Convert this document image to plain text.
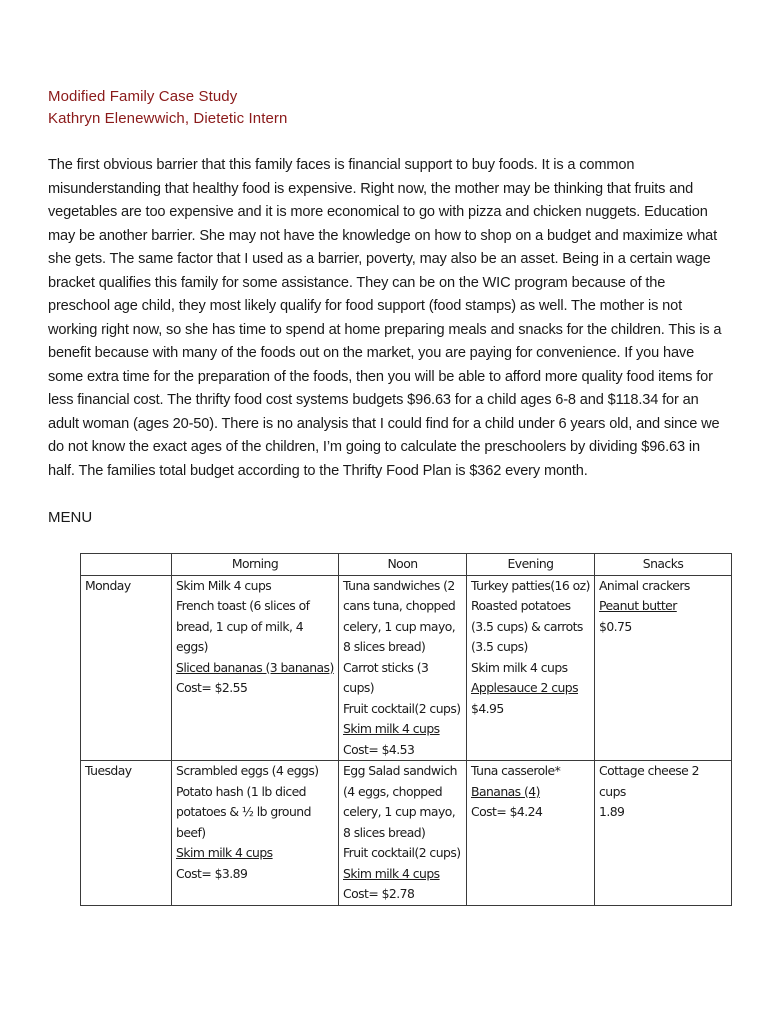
Modified Family Case Study
Kathryn Elenewwich, Dietetic Intern

The first obvious barrier that this family faces is financial support to buy foods. It is a common misunderstanding that healthy food is expensive. Right now, the mother may be thinking that fruits and vegetables are too expensive and it is more economical to go with pizza and chicken nuggets. Education may be another barrier. She may not have the knowledge on how to shop on a budget and maximize what she gets. The same factor that I used as a barrier, poverty, may also be an asset. Being in a certain wage bracket qualifies this family for some assistance. They can be on the WIC program because of the preschool age child, they most likely qualify for food support (food stamps) as well. The mother is not working right now, so she has time to spend at home preparing meals and snacks for the children. This is a benefit because with many of the foods out on the market, you are paying for convenience. If you have some extra time for the preparation of the foods, then you will be able to afford more quality food items for less financial cost. The thrifty food cost systems budgets $96.63 for a child ages 6-8 and $118.34 for an adult woman (ages 20-50). There is no analysis that I could find for a child under 6 years old, and since we do not know the exact ages of the children, I’m going to calculate the preschoolers by dividing $96.63 in half. The families total budget according to the Thrifty Food Plan is $362 every month.

MENU
	Morning	Noon	Evening	Snacks
Monday	Skim Milk 4 cups
French toast (6 slices of bread, 1 cup of milk, 4 eggs)
Sliced bananas (3 bananas)
Cost= $2.55	Tuna sandwiches (2 cans tuna, chopped celery, 1 cup mayo, 8 slices bread)
Carrot sticks (3 cups)
Fruit cocktail(2 cups)
Skim milk 4 cups
Cost= $4.53	Turkey patties(16 oz)
Roasted potatoes (3.5 cups) & carrots (3.5 cups)
Skim milk 4 cups
Applesauce 2 cups
$4.95	Animal crackers
Peanut butter
$0.75

Tuesday	Scrambled eggs (4 eggs)
Potato hash (1 lb diced potatoes & ½ lb ground beef)
Skim milk 4 cups
Cost= $3.89	Egg Salad sandwich (4 eggs, chopped celery, 1 cup mayo, 8 slices bread)
Fruit cocktail(2 cups)
Skim milk 4 cups
Cost= $2.78	Tuna casserole*
Bananas (4)
Cost= $4.24	Cottage cheese 2 cups
1.89
